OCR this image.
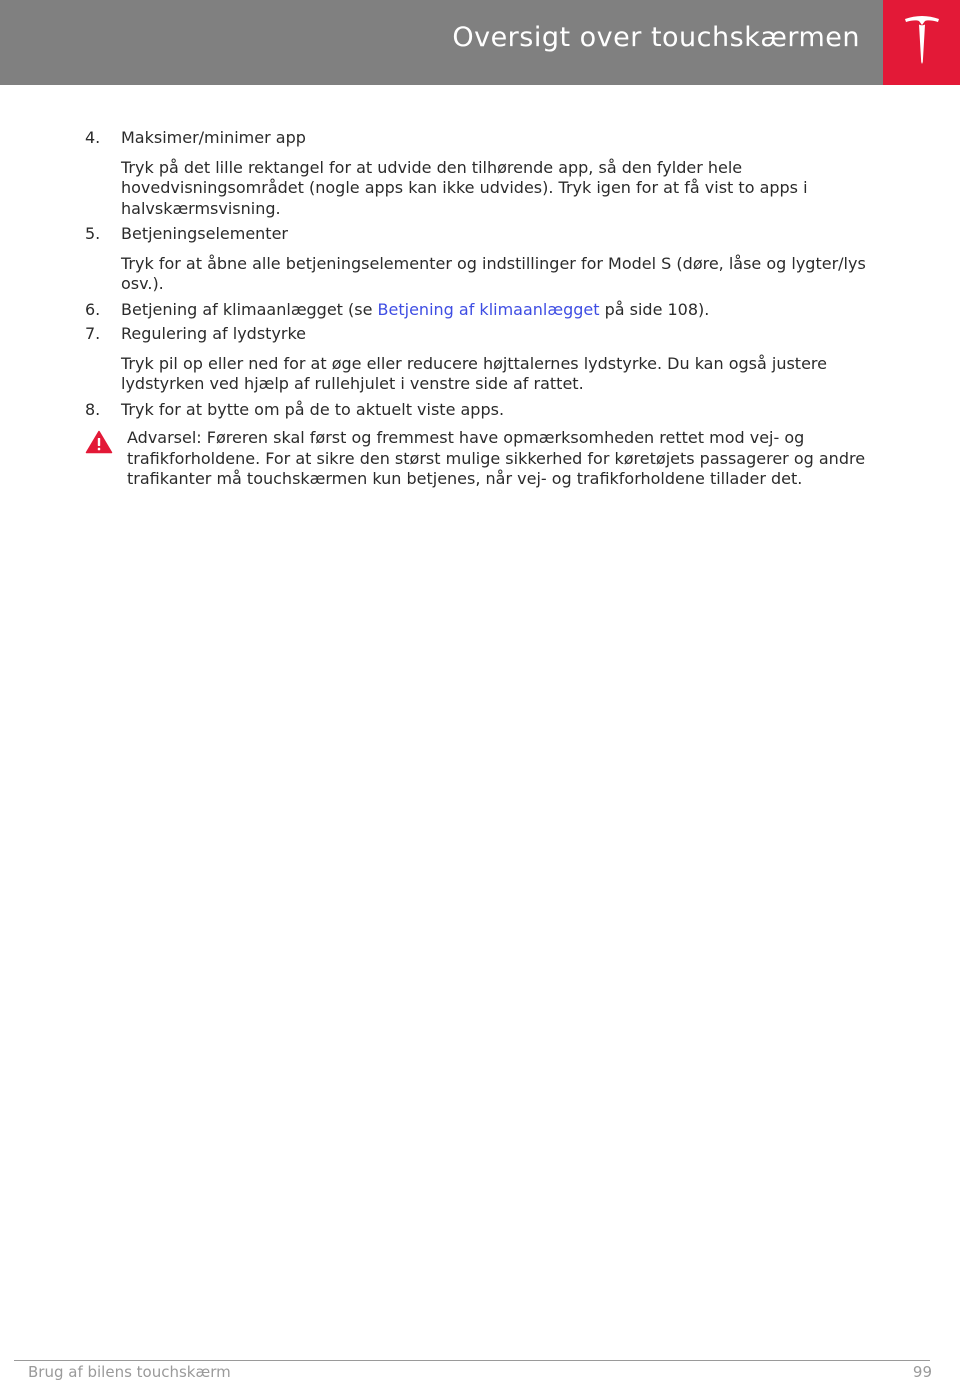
Oversigt over touchskærmen
4.	Maksimer/minimer app
Tryk på det lille rektangel for at udvide den tilhørende app, så den fylder hele hovedvisningsområdet (nogle apps kan ikke udvides). Tryk igen for at få vist to apps i halvskærmsvisning.
5.	Betjeningselementer
Tryk for at åbne alle betjeningselementer og indstillinger for Model S (døre, låse og lygter/lys osv.).
6.	Betjening af klimaanlægget (se Betjening af klimaanlægget på side 108).
7.	Regulering af lydstyrke
Tryk pil op eller ned for at øge eller reducere højttalernes lydstyrke. Du kan også justere lydstyrken ved hjælp af rullehjulet i venstre side af rattet.
8.	Tryk for at bytte om på de to aktuelt viste apps.
Advarsel: Føreren skal først og fremmest have opmærksomheden rettet mod vej- og trafikforholdene. For at sikre den størst mulige sikkerhed for køretøjets passagerer og andre trafikanter må touchskærmen kun betjenes, når vej- og trafikforholdene tillader det.
Brug af bilens touchskærm	99
